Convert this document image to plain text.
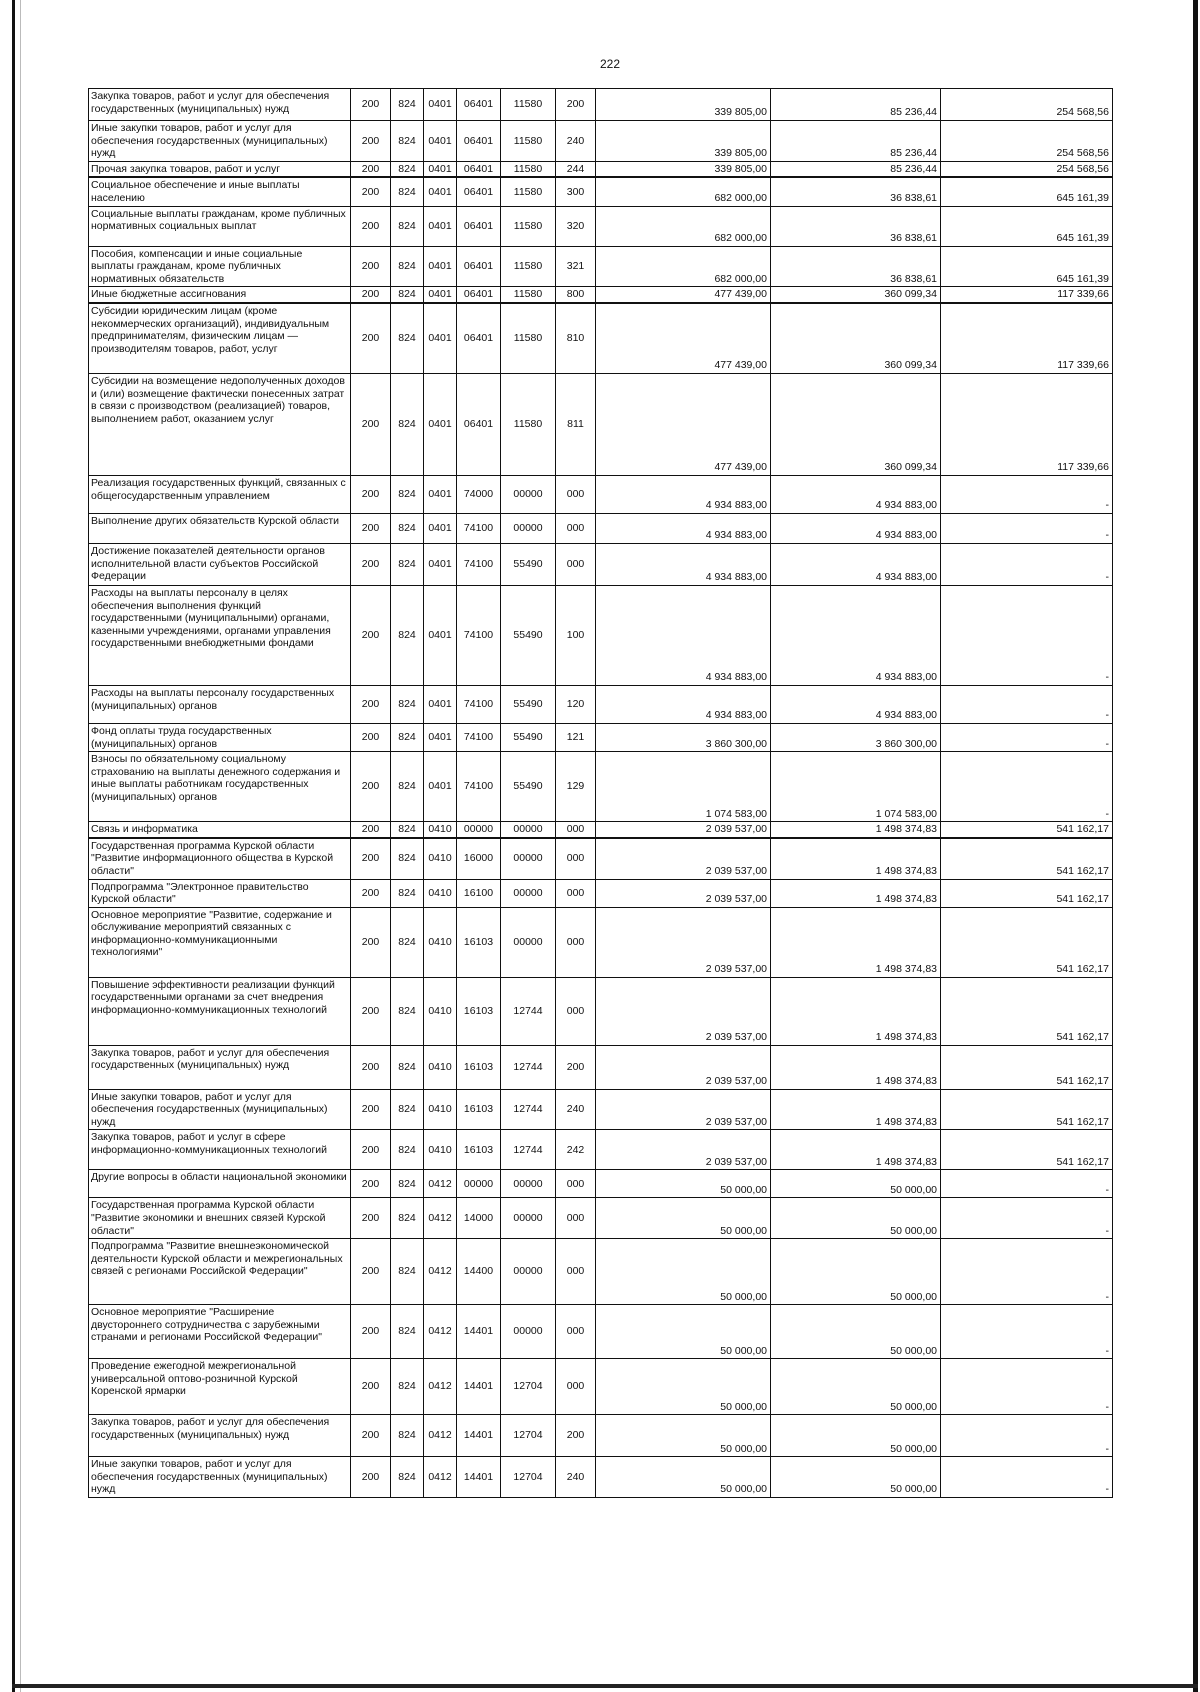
222
Закупка товаров, работ и услуг для обеспечения государственных (муниципальных) нужд	200	824	0401	06401	11580	200	339 805,00	85 236,44	254 568,56
Иные закупки товаров, работ и услуг для обеспечения государственных (муниципальных) нужд	200	824	0401	06401	11580	240	339 805,00	85 236,44	254 568,56
Прочая закупка товаров, работ и услуг	200	824	0401	06401	11580	244	339 805,00	85 236,44	254 568,56
Социальное обеспечение и иные выплаты населению	200	824	0401	06401	11580	300	682 000,00	36 838,61	645 161,39
Социальные выплаты гражданам, кроме публичных нормативных социальных выплат	200	824	0401	06401	11580	320	682 000,00	36 838,61	645 161,39
Пособия, компенсации и иные социальные выплаты гражданам, кроме публичных нормативных обязательств	200	824	0401	06401	11580	321	682 000,00	36 838,61	645 161,39
Иные бюджетные ассигнования	200	824	0401	06401	11580	800	477 439,00	360 099,34	117 339,66
Субсидии юридическим лицам (кроме некоммерческих организаций), индивидуальным предпринимателям, физическим лицам — производителям товаров, работ, услуг	200	824	0401	06401	11580	810	477 439,00	360 099,34	117 339,66
Субсидии на возмещение недополученных доходов и (или) возмещение фактически понесенных затрат в связи с производством (реализацией) товаров, выполнением работ, оказанием услуг	200	824	0401	06401	11580	811	477 439,00	360 099,34	117 339,66
Реализация государственных функций, связанных с общегосударственным управлением	200	824	0401	74000	00000	000	4 934 883,00	4 934 883,00	-
Выполнение других обязательств Курской области	200	824	0401	74100	00000	000	4 934 883,00	4 934 883,00	-
Достижение показателей деятельности органов исполнительной власти субъектов Российской Федерации	200	824	0401	74100	55490	000	4 934 883,00	4 934 883,00	-
Расходы на выплаты персоналу в целях обеспечения выполнения функций государственными (муниципальными) органами, казенными учреждениями, органами управления государственными внебюджетными фондами	200	824	0401	74100	55490	100	4 934 883,00	4 934 883,00	-
Расходы на выплаты персоналу государственных (муниципальных) органов	200	824	0401	74100	55490	120	4 934 883,00	4 934 883,00	-
Фонд оплаты труда государственных (муниципальных) органов	200	824	0401	74100	55490	121	3 860 300,00	3 860 300,00	-
Взносы по обязательному социальному страхованию на выплаты денежного содержания и иные выплаты работникам государственных (муниципальных) органов	200	824	0401	74100	55490	129	1 074 583,00	1 074 583,00	-
Связь и информатика	200	824	0410	00000	00000	000	2 039 537,00	1 498 374,83	541 162,17
Государственная программа Курской области "Развитие информационного общества в Курской области"	200	824	0410	16000	00000	000	2 039 537,00	1 498 374,83	541 162,17
Подпрограмма "Электронное правительство Курской области"	200	824	0410	16100	00000	000	2 039 537,00	1 498 374,83	541 162,17
Основное мероприятие "Развитие, содержание и обслуживание мероприятий связанных с информационно-коммуникационными технологиями"	200	824	0410	16103	00000	000	2 039 537,00	1 498 374,83	541 162,17
Повышение эффективности реализации функций государственными органами за счет внедрения информационно-коммуникационных технологий	200	824	0410	16103	12744	000	2 039 537,00	1 498 374,83	541 162,17
Закупка товаров, работ и услуг для обеспечения государственных (муниципальных) нужд	200	824	0410	16103	12744	200	2 039 537,00	1 498 374,83	541 162,17
Иные закупки товаров, работ и услуг для обеспечения государственных (муниципальных) нужд	200	824	0410	16103	12744	240	2 039 537,00	1 498 374,83	541 162,17
Закупка товаров, работ и услуг в сфере информационно-коммуникационных технологий	200	824	0410	16103	12744	242	2 039 537,00	1 498 374,83	541 162,17
Другие вопросы в области национальной экономики	200	824	0412	00000	00000	000	50 000,00	50 000,00	-
Государственная программа Курской области "Развитие экономики и внешних связей Курской области"	200	824	0412	14000	00000	000	50 000,00	50 000,00	-
Подпрограмма "Развитие внешнеэкономической деятельности Курской области и межрегиональных связей с регионами Российской Федерации"	200	824	0412	14400	00000	000	50 000,00	50 000,00	-
Основное мероприятие "Расширение двустороннего сотрудничества с зарубежными странами и регионами Российской Федерации"	200	824	0412	14401	00000	000	50 000,00	50 000,00	-
Проведение ежегодной межрегиональной универсальной оптово-розничной Курской Коренской ярмарки	200	824	0412	14401	12704	000	50 000,00	50 000,00	-
Закупка товаров, работ и услуг для обеспечения государственных (муниципальных) нужд	200	824	0412	14401	12704	200	50 000,00	50 000,00	-
Иные закупки товаров, работ и услуг для обеспечения государственных (муниципальных) нужд	200	824	0412	14401	12704	240	50 000,00	50 000,00	-
